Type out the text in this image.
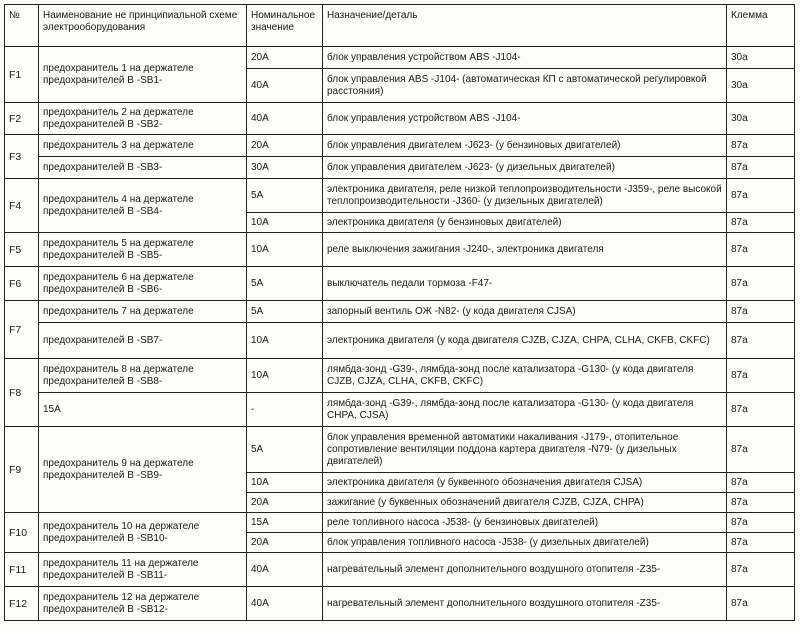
№	Наименование не принципиальной схеме электрооборудования	Номинальное значение	Назначение/деталь	Клемма
F1	предохранитель 1 на держателе предохранителей В -SB1-	20А	блок управления устройством ABS -J104-	30а
		40А	блок управления ABS -J104- (автоматическая КП с автоматической регулировкой расстояния)	30а
F2	предохранитель 2 на держателе предохранителей В -SB2-	40А	блок управления устройством ABS -J104-	30а
F3	предохранитель 3 на держателе	20А	блок управления двигателем -J623- (у бензиновых двигателей)	87а
	предохранителей В -SB3-	30А	блок управления двигателем -J623- (у дизельных двигателей)	87а
F4	предохранитель 4 на держателе предохранителей В -SB4-	5А	электроника двигателя, реле низкой теплопроизводительности -J359-, реле высокой теплопроизводительности -J360- (у дизельных двигателей)	87а
		10А	электроника двигателя (у бензиновых двигателей)	87а
F5	предохранитель 5 на держателе предохранителей В -SB5-	10А	реле выключения зажигания -J240-, электроника двигателя	87а
F6	предохранитель 6 на держателе предохранителей В -SB6-	5А	выключатель педали тормоза -F47-	87а
F7	предохранитель 7 на держателе	5А	запорный вентиль ОЖ -N82- (у кода двигателя CJSA)	87а
	предохранителей В -SB7-	10А	электроника двигателя (у кода двигателя CJZB, CJZA, CHPA, CLHA, CKFB, CKFC)	87а
F8	предохранитель 8 на держателе предохранителей В -SB8-	10А	лямбда-зонд -G39-, лямбда-зонд после катализатора -G130- (у кода двигателя CJZB, CJZA, CLHA, CKFB, CKFC)	87а
	15А	-	лямбда-зонд -G39-, лямбда-зонд после катализатора -G130- (у кода двигателя CHPA, CJSA)	87а
F9	предохранитель 9 на держателе предохранителей В -SB9-	5А	блок управления временной автоматики накаливания -J179-, отопительное сопротивление вентиляции поддона картера двигателя -N79- (у дизельных двигателей)	87а
		10А	электроника двигателя (у буквенного обозначения двигателя CJSA)	87а
		20А	зажигание (у буквенных обозначений двигателя CJZB, CJZA, CHPA)	87а
F10	предохранитель 10 на держателе предохранителей В -SB10-	15А	реле топливного насоса -J538- (у бензиновых двигателей)	87а
		20А	блок управления топливного насоса -J538- (у дизельных двигателей)	87а
F11	предохранитель 11 на держателе предохранителей В -SB11-	40А	нагревательный элемент дополнительного воздушного отопителя -Z35-	87а
F12	предохранитель 12 на держателе предохранителей В -SB12-	40А	нагревательный элемент дополнительного воздушного отопителя -Z35-	87а
